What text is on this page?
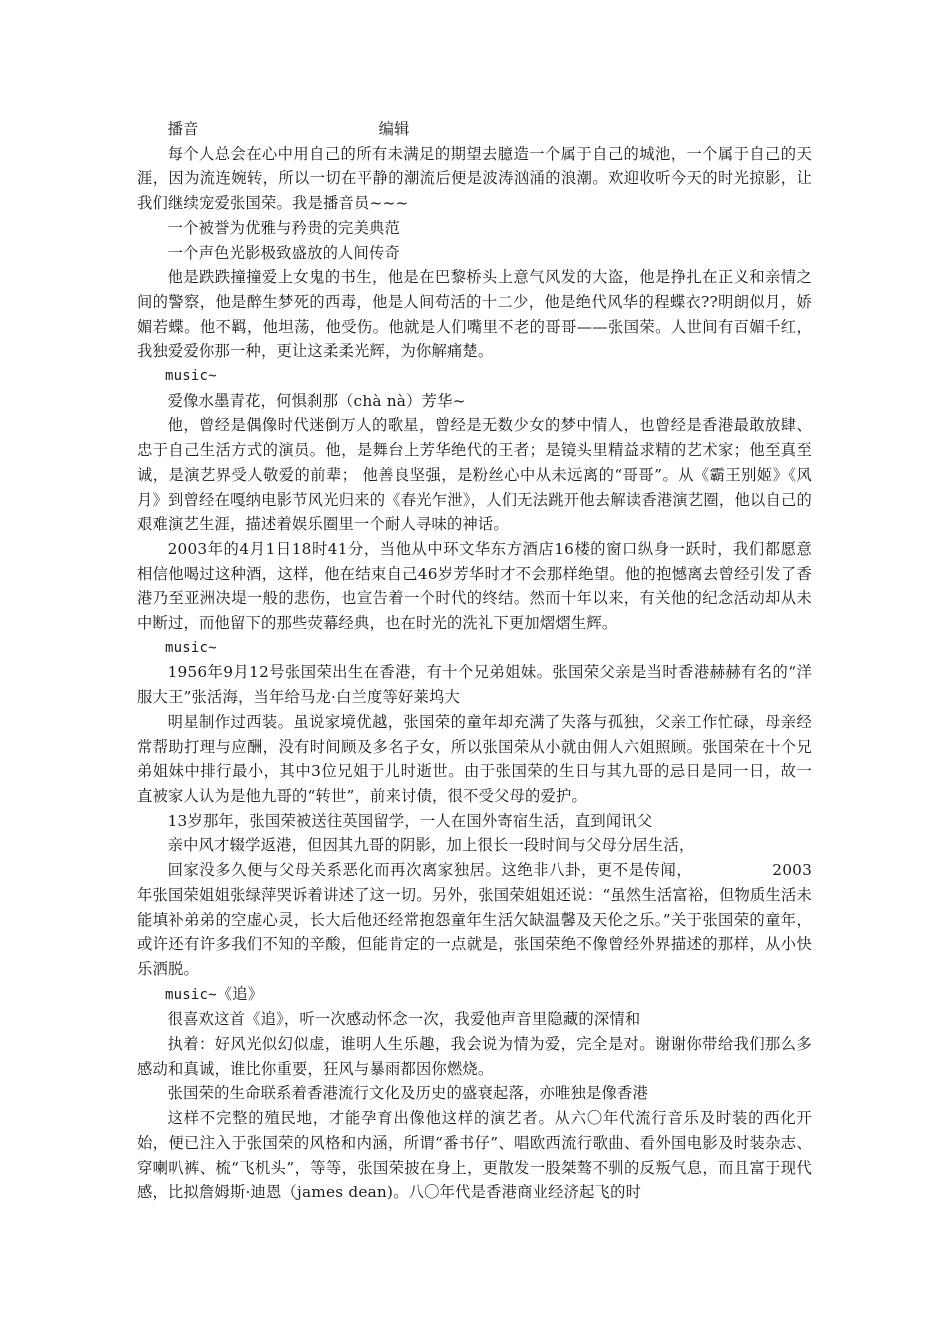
播音	编辑

每个人总会在心中用自己的所有未满足的期望去臆造一个属于自己的城池，一个属于自己的天涯，因为流连婉转，所以一切在平静的潮流后便是波涛汹涌的浪潮。欢迎收听今天的时光掠影，让我们继续宠爱张国荣。我是播音员~~~

一个被誉为优雅与矜贵的完美典范

一个声色光影极致盛放的人间传奇

他是跌跌撞撞爱上女鬼的书生，他是在巴黎桥头上意气风发的大盗，他是挣扎在正义和亲情之间的警察，他是醉生梦死的西毒，他是人间苟活的十二少，他是绝代风华的程蝶衣??明朗似月，娇媚若蝶。他不羁，他坦荡，他受伤。他就是人们嘴里不老的哥哥——张国荣。人世间有百媚千红，我独爱爱你那一种，更让这柔柔光辉，为你解痛楚。

music~

爱像水墨青花，何惧刹那（chà nà）芳华~

他，曾经是偶像时代迷倒万人的歌星，曾经是无数少女的梦中情人，也曾经是香港最敢放肆、忠于自己生活方式的演员。他，是舞台上芳华绝代的王者；是镜头里精益求精的艺术家；他至真至诚，是演艺界受人敬爱的前辈； 他善良坚强，是粉丝心中从未远离的“哥哥”。从《霸王别姬》《风月》到曾经在嘎纳电影节风光归来的《春光乍泄》，人们无法跳开他去解读香港演艺圈，他以自己的艰难演艺生涯，描述着娱乐圈里一个耐人寻味的神话。

2003年的4月1日18时41分，当他从中环文华东方酒店16楼的窗口纵身一跃时，我们都愿意相信他喝过这种酒，这样，他在结束自己46岁芳华时才不会那样绝望。他的抱憾离去曾经引发了香港乃至亚洲决堤一般的悲伤，也宣告着一个时代的终结。然而十年以来，有关他的纪念活动却从未中断过，而他留下的那些荧幕经典，也在时光的洗礼下更加熠熠生辉。

music~

1956年9月12号张国荣出生在香港，有十个兄弟姐妹。张国荣父亲是当时香港赫赫有名的“洋服大王”张活海，当年给马龙·白兰度等好莱坞大

明星制作过西装。虽说家境优越，张国荣的童年却充满了失落与孤独，父亲工作忙碌，母亲经常帮助打理与应酬，没有时间顾及多名子女，所以张国荣从小就由佣人六姐照顾。张国荣在十个兄弟姐妹中排行最小，其中3位兄姐于儿时逝世。由于张国荣的生日与其九哥的忌日是同一日，故一直被家人认为是他九哥的“转世”，前来讨债，很不受父母的爱护。

13岁那年，张国荣被送往英国留学，一人在国外寄宿生活，直到闻讯父

亲中风才辍学返港，但因其九哥的阴影，加上很长一段时间与父母分居生活，

回家没多久便与父母关系恶化而再次离家独居。这绝非八卦，更不是传闻，	2003年张国荣姐姐张绿萍哭诉着讲述了这一切。另外，张国荣姐姐还说：“虽然生活富裕，但物质生活未能填补弟弟的空虚心灵，长大后他还经常抱怨童年生活欠缺温馨及天伦之乐。”关于张国荣的童年，或许还有许多我们不知的辛酸，但能肯定的一点就是，张国荣绝不像曾经外界描述的那样，从小快乐洒脱。

music~《追》

很喜欢这首《追》，听一次感动怀念一次，我爱他声音里隐藏的深情和

执着：好风光似幻似虚，谁明人生乐趣，我会说为情为爱，完全是对。谢谢你带给我们那么多感动和真诚，谁比你重要，狂风与暴雨都因你燃烧。

张国荣的生命联系着香港流行文化及历史的盛衰起落，亦唯独是像香港

这样不完整的殖民地，才能孕育出像他这样的演艺者。从六〇年代流行音乐及时装的西化开始，便已注入于张国荣的风格和内涵，所谓“番书仔”、唱欧西流行歌曲、看外国电影及时装杂志、穿喇叭裤、梳“飞机头”，等等，张国荣披在身上，更散发一股桀骜不驯的反叛气息，而且富于现代感，比拟詹姆斯·迪恩（james dean)。八〇年代是香港商业经济起飞的时
